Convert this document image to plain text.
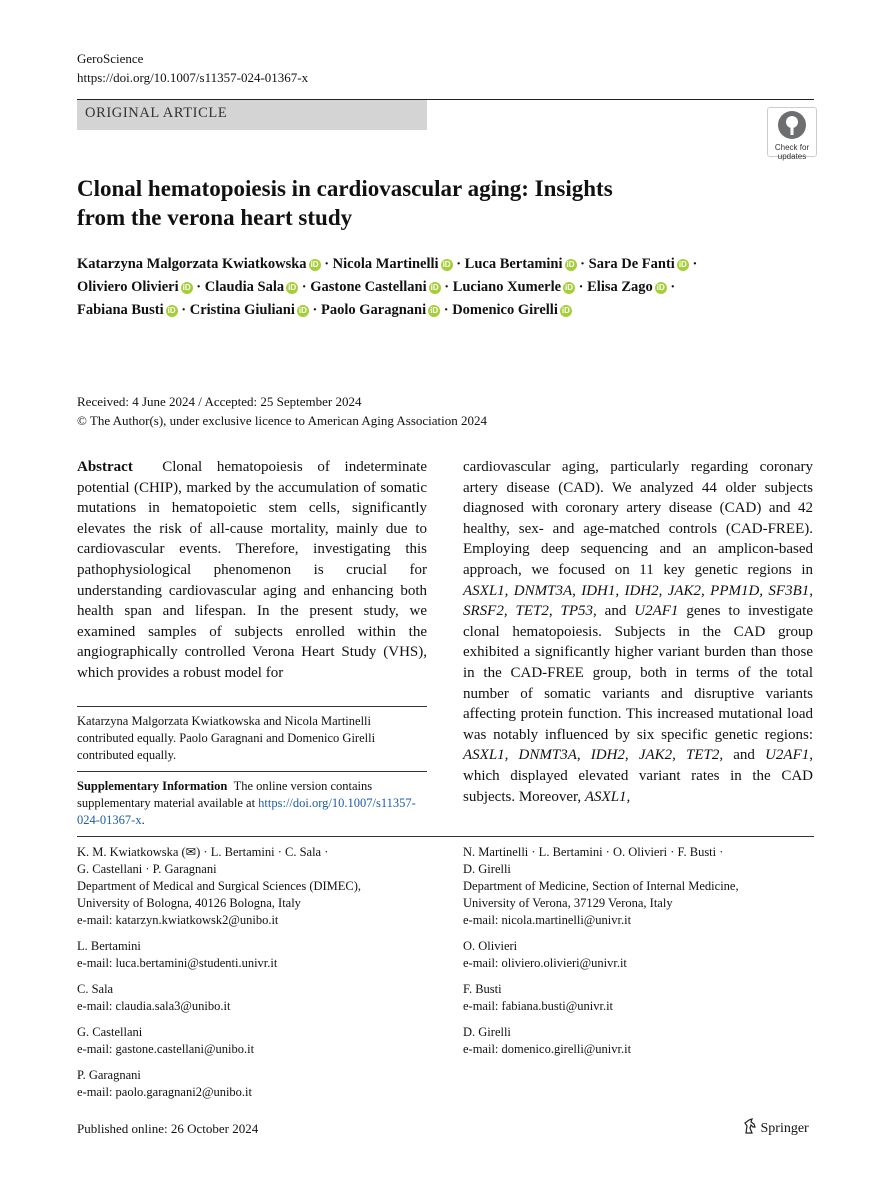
GeroScience
https://doi.org/10.1007/s11357-024-01367-x
ORIGINAL ARTICLE
Check for
updates
Clonal hematopoiesis in cardiovascular aging: Insights
from the verona heart study
Katarzyna Malgorzata Kwiatkowska iD · Nicola Martinelli iD · Luca Bertamini iD · Sara De Fanti iD ·
Oliviero Olivieri iD · Claudia Sala iD · Gastone Castellani iD · Luciano Xumerle iD · Elisa Zago iD ·
Fabiana Busti iD · Cristina Giuliani iD · Paolo Garagnani iD · Domenico Girelli iD
Received: 4 June 2024 / Accepted: 25 September 2024
© The Author(s), under exclusive licence to American Aging Association 2024

Abstract Clonal hematopoiesis of indeterminate potential (CHIP), marked by the accumulation of somatic mutations in hematopoietic stem cells, significantly elevates the risk of all-cause mortality, mainly due to cardiovascular events. Therefore, investigating this pathophysiological phenomenon is crucial for understanding cardiovascular aging and enhancing both health span and lifespan. In the present study, we examined samples of subjects enrolled within the angiographically controlled Verona Heart Study (VHS), which provides a robust model for

cardiovascular aging, particularly regarding coronary artery disease (CAD). We analyzed 44 older subjects diagnosed with coronary artery disease (CAD) and 42 healthy, sex- and age-matched controls (CAD-FREE). Employing deep sequencing and an amplicon-based approach, we focused on 11 key genetic regions in ASXL1, DNMT3A, IDH1, IDH2, JAK2, PPM1D, SF3B1, SRSF2, TET2, TP53, and U2AF1 genes to investigate clonal hematopoiesis. Subjects in the CAD group exhibited a significantly higher variant burden than those in the CAD-FREE group, both in terms of the total number of somatic variants and disruptive variants affecting protein function. This increased mutational load was notably influenced by six specific genetic regions: ASXL1, DNMT3A, IDH2, JAK2, TET2, and U2AF1, which displayed elevated variant rates in the CAD subjects. Moreover, ASXL1,

Katarzyna Malgorzata Kwiatkowska and Nicola Martinelli contributed equally. Paolo Garagnani and Domenico Girelli contributed equally.
Supplementary Information The online version contains supplementary material available at https://doi.org/10.1007/s11357-024-01367-x.
K. M. Kwiatkowska (✉) · L. Bertamini · C. Sala ·
G. Castellani · P. Garagnani
Department of Medical and Surgical Sciences (DIMEC),
University of Bologna, 40126 Bologna, Italy
e-mail: katarzyn.kwiatkowsk2@unibo.it
L. Bertamini
e-mail: luca.bertamini@studenti.univr.it
C. Sala
e-mail: claudia.sala3@unibo.it
G. Castellani
e-mail: gastone.castellani@unibo.it
P. Garagnani
e-mail: paolo.garagnani2@unibo.it
N. Martinelli · L. Bertamini · O. Olivieri · F. Busti ·
D. Girelli
Department of Medicine, Section of Internal Medicine,
University of Verona, 37129 Verona, Italy
e-mail: nicola.martinelli@univr.it
O. Olivieri
e-mail: oliviero.olivieri@univr.it
F. Busti
e-mail: fabiana.busti@univr.it
D. Girelli
e-mail: domenico.girelli@univr.it
Published online: 26 October 2024	Springer
